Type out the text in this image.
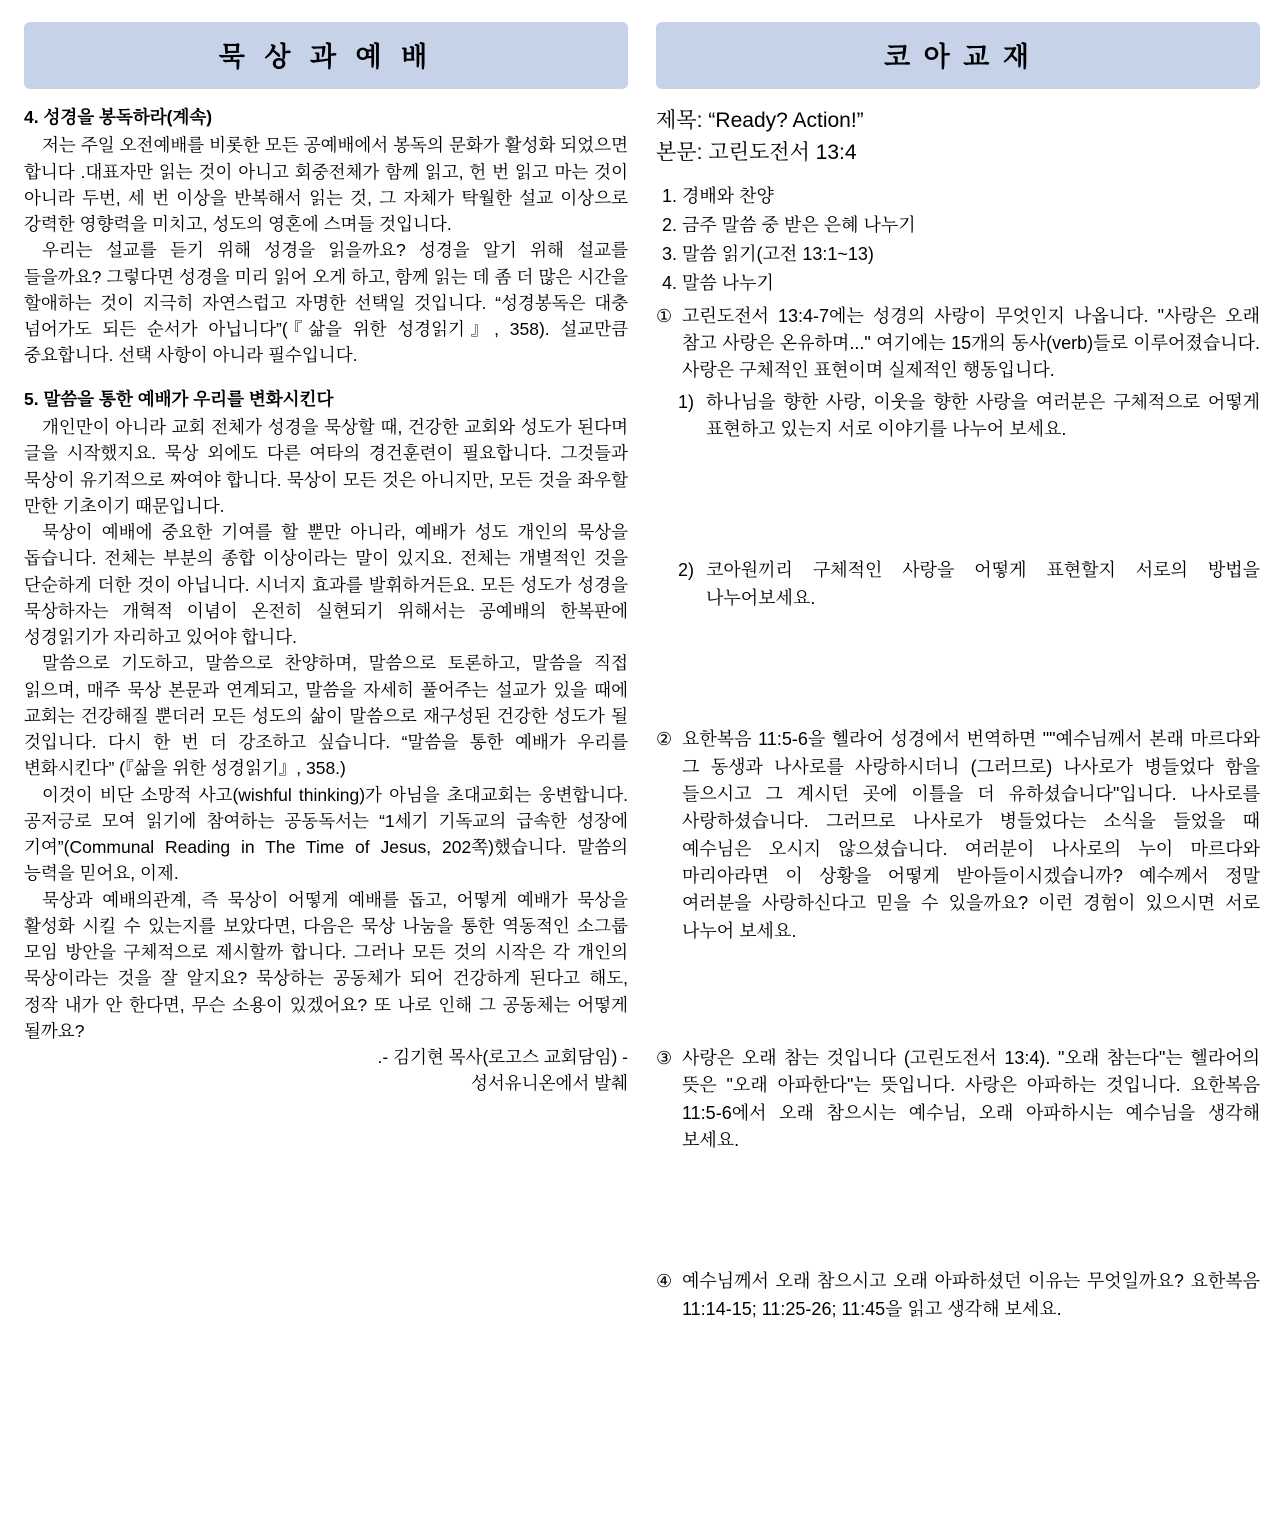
묵 상 과 예 배
4. 성경을 봉독하라(계속)

저는 주일 오전예배를 비롯한 모든 공예배에서 봉독의 문화가 활성화 되었으면 합니다 .대표자만 읽는 것이 아니고 회중전체가 함께 읽고, 헌 번 읽고 마는 것이 아니라 두번, 세 번 이상을 반복해서 읽는 것, 그 자체가 탁월한 설교 이상으로 강력한 영향력을 미치고, 성도의 영혼에 스며들 것입니다.

우리는 설교를 듣기 위해 성경을 읽을까요? 성경을 알기 위해 설교를 들을까요? 그렇다면 성경을 미리 읽어 오게 하고, 함께 읽는 데 좀 더 많은 시간을 할애하는 것이 지극히 자연스럽고 자명한 선택일 것입니다. “성경봉독은 대충 넘어가도 되든 순서가 아닙니다”(『삶을 위한 성경읽기』, 358). 설교만큼 중요합니다. 선택 사항이 아니라 필수입니다.

5. 말씀을 통한 예배가 우리를 변화시킨다

개인만이 아니라 교회 전체가 성경을 묵상할 때, 건강한 교회와 성도가 된다며 글을 시작했지요. 묵상 외에도 다른 여타의 경건훈련이 필요합니다. 그것들과 묵상이 유기적으로 짜여야 합니다. 묵상이 모든 것은 아니지만, 모든 것을 좌우할 만한 기초이기 때문입니다.

묵상이 예배에 중요한 기여를 할 뿐만 아니라, 예배가 성도 개인의 묵상을 돕습니다. 전체는 부분의 종합 이상이라는 말이 있지요. 전체는 개별적인 것을 단순하게 더한 것이 아닙니다. 시너지 효과를 발휘하거든요. 모든 성도가 성경을 묵상하자는 개혁적 이념이 온전히 실현되기 위해서는 공예배의 한복판에 성경읽기가 자리하고 있어야 합니다.

말씀으로 기도하고, 말씀으로 찬양하며, 말씀으로 토론하고, 말씀을 직접 읽으며, 매주 묵상 본문과 연계되고, 말씀을 자세히 풀어주는 설교가 있을 때에 교회는 건강해질 뿐더러 모든 성도의 삶이 말씀으로 재구성된 건강한 성도가 될 것입니다. 다시 한 번 더 강조하고 싶습니다. “말씀을 통한 예배가 우리를 변화시킨다” (『삶을 위한 성경읽기』, 358.)

이것이 비단 소망적 사고(wishful thinking)가 아님을 초대교회는 웅변합니다. 공저긍로 모여 읽기에 참여하는 공동독서는 “1세기 기독교의 급속한 성장에 기여”(Communal Reading in The Time of Jesus, 202쪽)했습니다. 말씀의 능력을 믿어요, 이제.

묵상과 예배의관계, 즉 묵상이 어떻게 예배를 돕고, 어떻게 예배가 묵상을 활성화 시킬 수 있는지를 보았다면, 다음은 묵상 나눔을 통한 역동적인 소그룹 모임 방안을 구체적으로 제시할까 합니다. 그러나 모든 것의 시작은 각 개인의 묵상이라는 것을 잘 알지요? 묵상하는 공동체가 되어 건강하게 된다고 해도, 정작 내가 안 한다면, 무슨 소용이 있겠어요? 또 나로 인해 그 공동체는 어떻게 될까요?

.- 김기현 목사(로고스 교회담임) -

성서유니온에서 발췌

코 아 교 재

제목: “Ready? Action!”

본문: 고린도전서 13:4

1. 경배와 찬양
2. 금주 말씀 중 받은 은혜 나누기
3. 말씀 읽기(고전 13:1~13)
4. 말씀 나누기
① 고린도전서 13:4-7에는 성경의 사랑이 무엇인지 나옵니다. "사랑은 오래 참고 사랑은 온유하며..." 여기에는 15개의 동사(verb)들로 이루어졌습니다. 사랑은 구체적인 표현이며 실제적인 행동입니다.
1) 하나님을 향한 사랑, 이웃을 향한 사랑을 여러분은 구체적으로 어떻게 표현하고 있는지 서로 이야기를 나누어 보세요.
2) 코아원끼리 구체적인 사랑을 어떻게 표현할지 서로의 방법을 나누어보세요.
② 요한복음 11:5-6을 헬라어 성경에서 번역하면 ""예수님께서 본래 마르다와 그 동생과 나사로를 사랑하시더니 (그러므로) 나사로가 병들었다 함을 들으시고 그 계시던 곳에 이틀을 더 유하셨습니다"입니다. 나사로를 사랑하셨습니다. 그러므로 나사로가 병들었다는 소식을 들었을 때 예수님은 오시지 않으셨습니다. 여러분이 나사로의 누이 마르다와 마리아라면 이 상황을 어떻게 받아들이시겠습니까? 예수께서 정말 여러분을 사랑하신다고 믿을 수 있을까요? 이런 경험이 있으시면 서로 나누어 보세요.
③ 사랑은 오래 참는 것입니다 (고린도전서 13:4). "오래 참는다"는 헬라어의 뜻은 "오래 아파한다"는 뜻입니다. 사랑은 아파하는 것입니다. 요한복음 11:5-6에서 오래 참으시는 예수님, 오래 아파하시는 예수님을 생각해 보세요.
④ 예수님께서 오래 참으시고 오래 아파하셨던 이유는 무엇일까요? 요한복음 11:14-15; 11:25-26; 11:45을 읽고 생각해 보세요.
